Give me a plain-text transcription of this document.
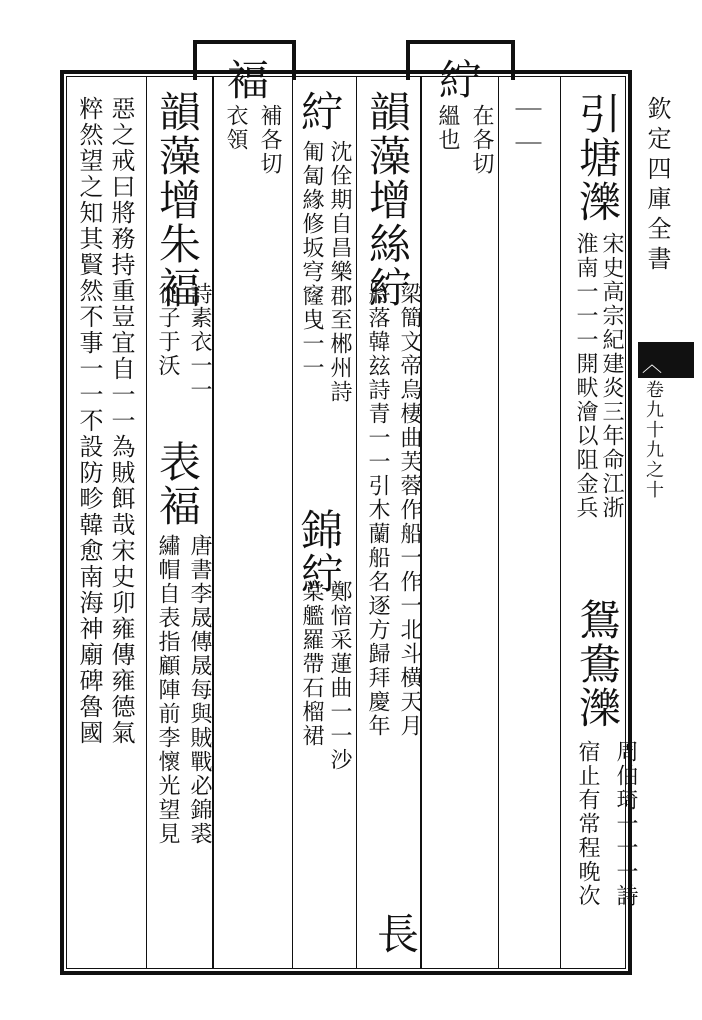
欽定四庫全書
︿
卷九十九之十
引塘濼
宋史高宗紀建炎三年命江浙
淮南一一一開畎澮以阻金兵
鴛鴦濼
周伯琦一一一詩
宿止有常程晚次
｜｜
紵
在各切
縕也
韻藻增絲紵
梁簡文帝烏棲曲芙蓉作船一作一北斗横天月
將落韓玆詩青一一引木蘭船名逐方歸拜慶年
長
紵
沈佺期自昌樂郡至郴州詩
匍匐緣修坂穹窿曳一一
錦紵
鄭愔采蓮曲一一沙
棠艦羅帶石榴裙
褔
補各切
衣領
韻藻增朱褔
詩素衣一一
從子于沃
表褔
唐書李晟傳晟每與賊戰必錦裘
繡帽自表指顧陣前李懷光望見
惡之戒曰將務持重豈宜自一一為賊餌哉宋史卯雍傳雍德氣
粹然望之知其賢然不事一一不設防畛韓愈南海神廟碑魯國
